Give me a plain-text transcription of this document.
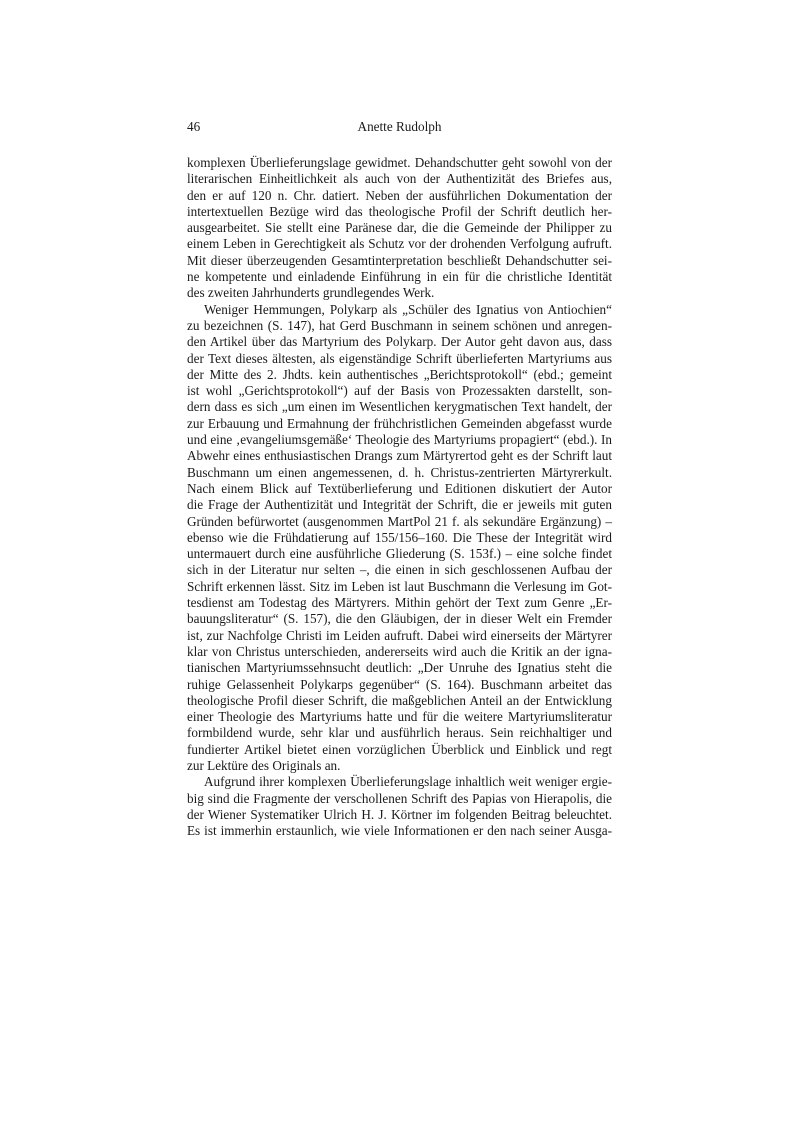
46	Anette Rudolph
komplexen Überlieferungslage gewidmet. Dehandschutter geht sowohl von der
literarischen Einheitlichkeit als auch von der Authentizität des Briefes aus,
den er auf 120 n. Chr. datiert. Neben der ausführlichen Dokumentation der
intertextuellen Bezüge wird das theologische Profil der Schrift deutlich her-
ausgearbeitet. Sie stellt eine Paränese dar, die die Gemeinde der Philipper zu
einem Leben in Gerechtigkeit als Schutz vor der drohenden Verfolgung aufruft.
Mit dieser überzeugenden Gesamtinterpretation beschließt Dehandschutter sei-
ne kompetente und einladende Einführung in ein für die christliche Identität
des zweiten Jahrhunderts grundlegendes Werk.
Weniger Hemmungen, Polykarp als „Schüler des Ignatius von Antiochien“
zu bezeichnen (S. 147), hat Gerd Buschmann in seinem schönen und anregen-
den Artikel über das Martyrium des Polykarp. Der Autor geht davon aus, dass
der Text dieses ältesten, als eigenständige Schrift überlieferten Martyriums aus
der Mitte des 2. Jhdts. kein authentisches „Berichtsprotokoll“ (ebd.; gemeint
ist wohl „Gerichtsprotokoll“) auf der Basis von Prozessakten darstellt, son-
dern dass es sich „um einen im Wesentlichen kerygmatischen Text handelt, der
zur Erbauung und Ermahnung der frühchristlichen Gemeinden abgefasst wurde
und eine ‚evangeliumsgemäße‘ Theologie des Martyriums propagiert“ (ebd.). In
Abwehr eines enthusiastischen Drangs zum Märtyrertod geht es der Schrift laut
Buschmann um einen angemessenen, d. h. Christus-zentrierten Märtyrerkult.
Nach einem Blick auf Textüberlieferung und Editionen diskutiert der Autor
die Frage der Authentizität und Integrität der Schrift, die er jeweils mit guten
Gründen befürwortet (ausgenommen MartPol 21 f. als sekundäre Ergänzung) –
ebenso wie die Frühdatierung auf 155/156–160. Die These der Integrität wird
untermauert durch eine ausführliche Gliederung (S. 153f.) – eine solche findet
sich in der Literatur nur selten –, die einen in sich geschlossenen Aufbau der
Schrift erkennen lässt. Sitz im Leben ist laut Buschmann die Verlesung im Got-
tesdienst am Todestag des Märtyrers. Mithin gehört der Text zum Genre „Er-
bauungsliteratur“ (S. 157), die den Gläubigen, der in dieser Welt ein Fremder
ist, zur Nachfolge Christi im Leiden aufruft. Dabei wird einerseits der Märtyrer
klar von Christus unterschieden, andererseits wird auch die Kritik an der igna-
tianischen Martyriumssehnsucht deutlich: „Der Unruhe des Ignatius steht die
ruhige Gelassenheit Polykarps gegenüber“ (S. 164). Buschmann arbeitet das
theologische Profil dieser Schrift, die maßgeblichen Anteil an der Entwicklung
einer Theologie des Martyriums hatte und für die weitere Martyriumsliteratur
formbildend wurde, sehr klar und ausführlich heraus. Sein reichhaltiger und
fundierter Artikel bietet einen vorzüglichen Überblick und Einblick und regt
zur Lektüre des Originals an.
Aufgrund ihrer komplexen Überlieferungslage inhaltlich weit weniger ergie-
big sind die Fragmente der verschollenen Schrift des Papias von Hierapolis, die
der Wiener Systematiker Ulrich H. J. Körtner im folgenden Beitrag beleuchtet.
Es ist immerhin erstaunlich, wie viele Informationen er den nach seiner Ausga-
